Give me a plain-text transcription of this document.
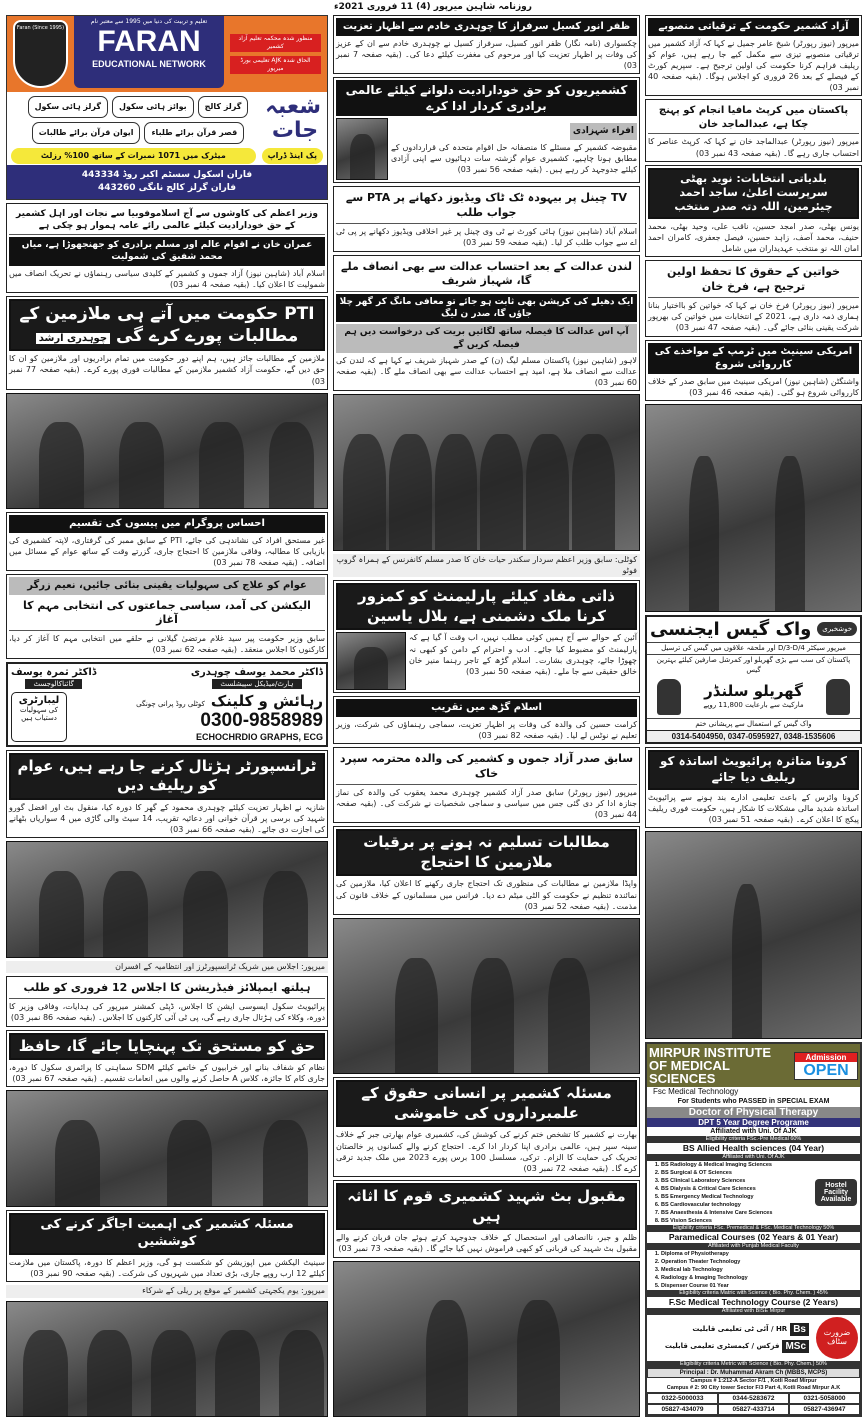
روزنامہ شاہین میرپور (4) 11 فروری 2021ء
Faran (Since 1995)
تعلیم و تربیت کی دنیا میں 1995 سے معتبر نام
FARAN
EDUCATIONAL NETWORK
منظور شدہ محکمہ تعلیم آزاد کشمیر
الحاق شدہ AJK تعلیمی بورڈ میرپور
شعبہ جات
گرلز کالج
بوائز ہائی سکول
گرلز ہائی سکول
قصر قرآن برائے طلباء
ایوان قرآن برائے طالبات
پک اینڈ ڈراپ
میٹرک میں 1071 نمبرات کے ساتھ 100% رزلٹ
فاران اسکول سسٹم اکبر روڈ 443334
فاران گرلز کالج نانگی 443260
وزیر اعظم کی کاوشوں سے آج اسلاموفوبیا سے نجات اور اہل کشمیر کے حق خودارادیت کیلئے عالمی رائے عامہ ہموار ہو چکی ہے
عمران خان نے اقوام عالم اور مسلم برادری کو جھنجھوڑا ہے، میاں محمد شفیق کی شمولیت
اسلام آباد (شاہین نیوز) آزاد جموں و کشمیر کے کلیدی سیاسی رہنماؤں نے تحریک انصاف میں شمولیت کا اعلان کیا۔ (بقیہ صفحہ 4 نمبر 03)
PTI حکومت میں آتے ہی ملازمین کے مطالبات پورے کرے گی چوہدری ارشد
ملازمین کے مطالبات جائز ہیں، ہم اپنے دور حکومت میں تمام برادریوں اور ملازمین کو ان کا حق دیں گے، حکومت آزاد کشمیر ملازمین کے مطالبات فوری پورے کرے۔ (بقیہ صفحہ 77 نمبر 03)
احساس پروگرام میں پیسوں کی تقسیم
غیر مستحق افراد کی نشاندہی کی جائے، PTI کے سابق ممبر کی گرفتاری، لاپتہ کشمیری کی بازیابی کا مطالبہ، وفاقی ملازمین کا احتجاج جاری، گزرتے وقت کے ساتھ عوام کے مسائل میں اضافہ۔ (بقیہ صفحہ 78 نمبر 03)
عوام کو علاج کی سہولیات یقینی بنائی جائیں، نعیم زرگر
الیکشن کی آمد، سیاسی جماعتوں کی انتخابی مہم کا آغاز
سابق وزیر حکومت پیر سید غلام مرتضیٰ گیلانی نے حلقے میں انتخابی مہم کا آغاز کر دیا، کارکنوں کا اجلاس منعقد۔ (بقیہ صفحہ 62 نمبر 03)
ڈاکٹر محمد یوسف چوہدری
ہارٹ/میڈیکل سپیشلسٹ
ڈاکٹر ثمرہ یوسف
گائناکالوجسٹ
رہائش و کلینک
کوٹلی روڈ پرانی چونگی
0300-9858989
ECHOCHRDIO GRAPHS, ECG
لیبارٹری
کی سہولیات دستیاب ہیں
ٹرانسپورٹر ہڑتال کرنے جا رہے ہیں، عوام کو ریلیف دیں
شازیہ نے اظہار تعزیت کیلئے چوہدری محمود کے گھر کا دورہ کیا، منقول بٹ اور افضل گورو شہید کی برسی پر قرآن خوانی اور دعائیہ تقریب، 14 سیٹ والی گاڑی میں 4 سواریاں بٹھانے کی اجازت دی جائے۔ (بقیہ صفحہ 66 نمبر 03)
میرپور: اجلاس میں شریک ٹرانسپورٹرز اور انتظامیہ کے افسران
ہیلتھ ایمپلائز فیڈریشن کا اجلاس 12 فروری کو طلب
پرائیویٹ سکول ایسوسی ایشن کا اجلاس، ڈپٹی کمشنر میرپور کی ہدایات، وفاقی وزیر کا دورہ، وکلاء کی ہڑتال جاری رہے گی، پی ٹی آئی کارکنوں کا اجلاس۔ (بقیہ صفحہ 86 نمبر 03)
حق کو مستحق تک پہنچایا جائے گا، حافظ
نظام کو شفاف بنانے اور خرابیوں کے خاتمے کیلئے SDM سماہنی کا پرائمری سکول کا دورہ، جاری کام کا جائزہ، کلاس A حاصل کرنے والوں میں انعامات تقسیم۔ (بقیہ صفحہ 67 نمبر 03)
مسئلہ کشمیر کی اہمیت اجاگر کرنے کی کوششیں
سینیٹ الیکشن میں اپوزیشن کو شکست ہو گی، وزیر اعظم کا دورہ، پاکستان میں ملازمت کیلئے 12 ارب روپے جاری، بڑی تعداد میں شہریوں کی شرکت۔ (بقیہ صفحہ 90 نمبر 03)
میرپور: یوم یکجہتی کشمیر کے موقع پر ریلی کے شرکاء
ظفر انور کسیل سرفراز کا چوہدری خادم سے اظہار تعزیت
چکسواری (نامہ نگار) ظفر انور کسیل، سرفراز کسیل نے چوہدری خادم سے ان کے عزیز کی وفات پر اظہار تعزیت کیا اور مرحوم کی مغفرت کیلئے دعا کی۔ (بقیہ صفحہ 7 نمبر 03)
کشمیریوں کو حق خودارادیت دلوانے کیلئے عالمی برادری کردار ادا کرے
افراء شہزادی
مقبوضہ کشمیر کے مسئلے کا منصفانہ حل اقوام متحدہ کی قراردادوں کے مطابق ہونا چاہیے، کشمیری عوام گزشتہ سات دہائیوں سے اپنی آزادی کیلئے جدوجہد کر رہے ہیں۔ (بقیہ صفحہ 56 نمبر 03)
TV چینل پر بیہودہ ٹک ٹاک ویڈیوز دکھانے پر PTA سے جواب طلب
اسلام آباد (شاہین نیوز) ہائی کورٹ نے ٹی وی چینل پر غیر اخلاقی ویڈیوز دکھانے پر پی ٹی اے سے جواب طلب کر لیا۔ (بقیہ صفحہ 59 نمبر 03)
لندن عدالت کے بعد احتساب عدالت سے بھی انصاف ملے گا، شہباز شریف
ایک دھیلے کی کرپشن بھی ثابت ہو جائے تو معافی مانگ کر گھر چلا جاؤں گا، صدر ن لیگ
آپ اس عدالت کا فیصلہ ساتھ لگائیں بریت کی درخواست دیں ہم فیصلہ کریں گے
لاہور (شاہین نیوز) پاکستان مسلم لیگ (ن) کے صدر شہباز شریف نے کہا ہے کہ لندن کی عدالت سے انصاف ملا ہے، امید ہے احتساب عدالت سے بھی انصاف ملے گا۔ (بقیہ صفحہ 60 نمبر 03)
کوٹلی: سابق وزیر اعظم سردار سکندر حیات خان کا صدر مسلم کانفرنس کے ہمراہ گروپ فوٹو
ذاتی مفاد کیلئے پارلیمنٹ کو کمزور کرنا ملک دشمنی ہے، بلال یاسین
آئین کے حوالے سے آج ہمیں کوئی مطلب نہیں، اب وقت آ گیا ہے کہ پارلیمنٹ کو مضبوط کیا جائے۔ ادب و احترام کے دامن کو کبھی نہ چھوڑا جائے، چوہدری بشارت۔ اسلام گڑھ کے تاجر رہنما منیر خان خالق حقیقی سے جا ملے۔ (بقیہ صفحہ 50 نمبر 03)
اسلام گڑھ میں تقریب
کرامت حسین کی والدہ کی وفات پر اظہار تعزیت، سماجی رہنماؤں کی شرکت، وزیر تعلیم نے نوٹس لے لیا۔ (بقیہ صفحہ 82 نمبر 03)
سابق صدر آزاد جموں و کشمیر کی والدہ محترمہ سپرد خاک
میرپور (نیوز رپورٹر) سابق صدر آزاد کشمیر چوہدری محمد یعقوب کی والدہ کی نماز جنازہ ادا کر دی گئی جس میں سیاسی و سماجی شخصیات نے شرکت کی۔ (بقیہ صفحہ 44 نمبر 03)
مطالبات تسلیم نہ ہونے پر برقیات ملازمین کا احتجاج
واپڈا ملازمین نے مطالبات کی منظوری تک احتجاج جاری رکھنے کا اعلان کیا، ملازمین کی نمائندہ تنظیم نے حکومت کو الٹی میٹم دے دیا۔ فرانس میں مسلمانوں کے خلاف قانون کی مذمت۔ (بقیہ صفحہ 52 نمبر 03)
مسئلہ کشمیر پر انسانی حقوق کے علمبرداروں کی خاموشی
بھارت نے کشمیر کا تشخص ختم کرنے کی کوشش کی، کشمیری عوام بھارتی جبر کے خلاف سینہ سپر ہیں، عالمی برادری اپنا کردار ادا کرے۔ احتجاج کرنے والے کسانوں پر خالصتان تحریک کی حمایت کا الزام۔ ترکی، مسلسل 100 برس پورے 2023 میں ملک جدید ترقی کرے گا۔ (بقیہ صفحہ 72 نمبر 03)
مقبول بٹ شہید کشمیری قوم کا اثاثہ ہیں
ظلم و جبر، ناانصافی اور استحصال کے خلاف جدوجہد کرتے ہوئے جان قربان کرنے والے مقبول بٹ شہید کی قربانی کو کبھی فراموش نہیں کیا جائے گا۔ (بقیہ صفحہ 73 نمبر 03)
آزاد کشمیر حکومت کے ترقیاتی منصوبے
میرپور (نیوز رپورٹر) شیخ عامر جمیل نے کہا کہ آزاد کشمیر میں ترقیاتی منصوبے تیزی سے مکمل کیے جا رہے ہیں، عوام کو ریلیف فراہم کرنا حکومت کی اولین ترجیح ہے۔ سپریم کورٹ کے فیصلے کے بعد 26 فروری کو اجلاس ہوگا۔ (بقیہ صفحہ 40 نمبر 03)
پاکستان میں کرپٹ مافیا انجام کو پہنچ چکا ہے، عبدالماجد خان
میرپور (نیوز رپورٹر) عبدالماجد خان نے کہا کہ کرپٹ عناصر کا احتساب جاری رہے گا۔ (بقیہ صفحہ 43 نمبر 03)
بلدیاتی انتخابات: نوید بھٹی سرپرست اعلیٰ، ساجد احمد چیئرمین، اللہ دتہ صدر منتخب
یونس بھٹی، صدر امجد حسین، ناقب علی، وحید بھٹی، محمد حنیف، محمد آصف، زاہد حسین، فیصل جعفری، کامران احمد امان اللہ نو منتخب عہدیداران میں شامل
خواتین کے حقوق کا تحفظ اولین ترجیح ہے، فرخ خان
میرپور (نیوز رپورٹر) فرخ خان نے کہا کہ خواتین کو بااختیار بنانا ہماری ذمہ داری ہے، 2021 کے انتخابات میں خواتین کی بھرپور شرکت یقینی بنائی جائے گی۔ (بقیہ صفحہ 47 نمبر 03)
امریکی سینیٹ میں ٹرمپ کے مواخذے کی کارروائی شروع
واشنگٹن (شاہین نیوز) امریکی سینیٹ میں سابق صدر کے خلاف کارروائی شروع ہو گئی۔ (بقیہ صفحہ 46 نمبر 03)
خوشخبری
واک گیس ایجنسی
میرپور سیکٹر D/3-D/4 اور ملحقہ علاقوں میں گیس کی ترسیل
پاکستان کی سب سے بڑی گھریلو اور کمرشل صارفین کیلئے بہترین گیس
گھریلو سلنڈر
مارکیٹ سے بارعایت 11,800 روپے
واک گیس کے استعمال سے پریشانی ختم
0314-5404950, 0347-0595927, 0348-1535606
کرونا متاثرہ پرائیویٹ اساتذہ کو ریلیف دیا جائے
کرونا وائرس کے باعث تعلیمی ادارے بند ہونے سے پرائیویٹ اساتذہ شدید مالی مشکلات کا شکار ہیں، حکومت فوری ریلیف پیکج کا اعلان کرے۔ (بقیہ صفحہ 51 نمبر 03)
MIRPUR INSTITUTE OF MEDICAL SCIENCES
Admission
OPEN
Fsc Medical Technology
For Students who PASSED in SPECIAL EXAM
Doctor of Physical Therapy
DPT 5 Year Degree Programe
Affiliated with Uni. Of AJK
Eligibility criteria FSc.-Pre Medical 60%
BS Allied Health sciences (04 Year)
Affiliated with Uni. Of AJK
1. BS Radiology & Medical Imaging Sciences
2. BS Surgical & OT Sciences
3. BS Clinical Laboratory Sciences
4. BS Dialysis & Critical Care Sciences
5. BS Emergency Medical Technology
6. BS Cardiovascular technology
7. BS Anaesthesia & Intensive Care Sciences
8. BS Vision Sciences
Hostel
Facility
Available
Eligibility criteria FSc. Premedical & FSc. Medical Technology 50%
Paramedical Courses (02 Years & 01 Year)
Affiliated with Punjab Medical Faculty
1. Diploma of Physiotherapy
2. Operation Theater Technology
3. Medical lab Technology
4. Radiology & Imaging Technology
5. Dispenser Course 01 Year
Eligibility criteria Matric with Science ( Bio. Phy. Chem. ) 45%
F.Sc Medical Technology Course (2 Years)
Affiliated with BISE Mirpur
Bs
HR / آئی ٹی تعلیمی قابلیت
MSc
فزکس / کیمسٹری تعلیمی قابلیت
ضرورت سٹاف
Eligibility criteria Metric with Science ( Bio. Phy. Chem.) 50%
Principal : Dr. Muhammad Akram Ch (MBBS, MCPS)
Campus # 1:212-A Sector F/1 , Kotli Road Mirpur
Campus # 2: 90 City tower Sector F/3 Part 4, Kotli Road Mirpur A.K
0322-5000033	0344-5283672	0321-5058000
05827-434079	05827-433714	05827-436947
